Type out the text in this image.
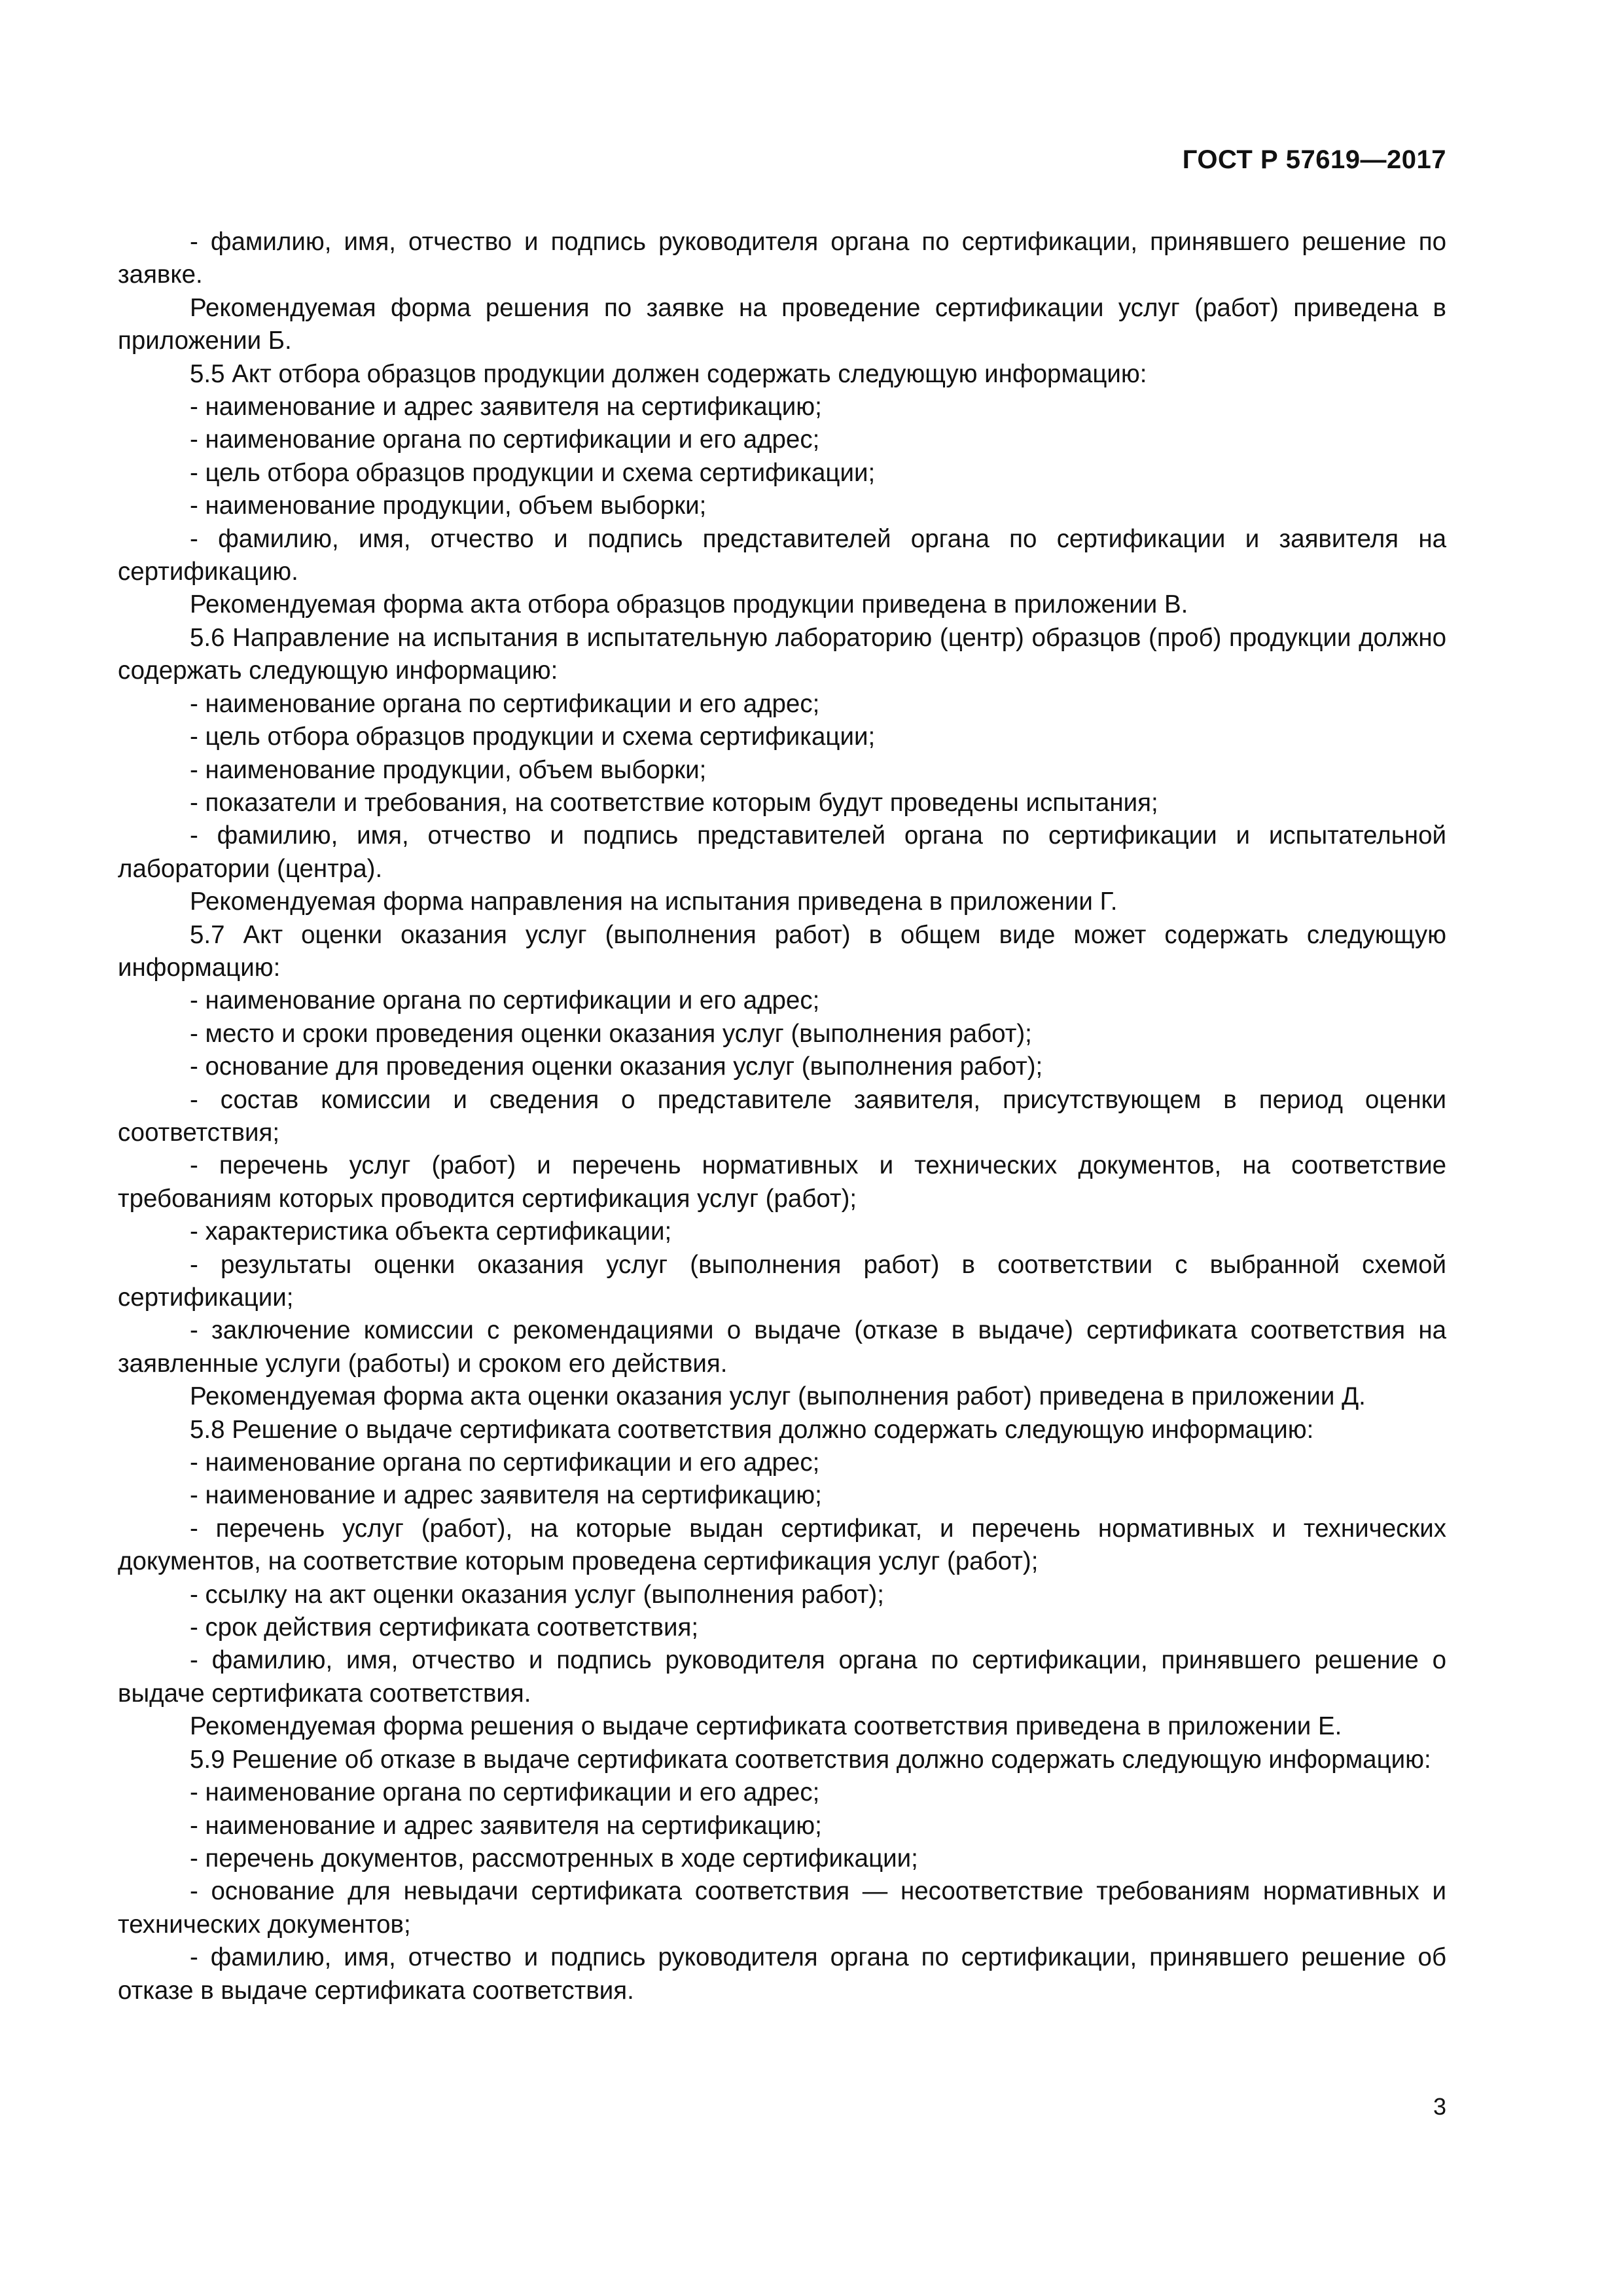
ГОСТ Р 57619—2017

- фамилию, имя, отчество и подпись руководителя органа по сертификации, принявшего решение по заявке.

Рекомендуемая форма решения по заявке на проведение сертификации услуг (работ) приведена в приложении Б.

5.5 Акт отбора образцов продукции должен содержать следующую информацию:

- наименование и адрес заявителя на сертификацию;

- наименование органа по сертификации и его адрес;

- цель отбора образцов продукции и схема сертификации;

- наименование продукции, объем выборки;

- фамилию, имя, отчество и подпись представителей органа по сертификации и заявителя на сертификацию.

Рекомендуемая форма акта отбора образцов продукции приведена в приложении В.

5.6 Направление на испытания в испытательную лабораторию (центр) образцов (проб) продукции должно содержать следующую информацию:

- наименование органа по сертификации и его адрес;

- цель отбора образцов продукции и схема сертификации;

- наименование продукции, объем выборки;

- показатели и требования, на соответствие которым будут проведены испытания;

- фамилию, имя, отчество и подпись представителей органа по сертификации и испытательной лаборатории (центра).

Рекомендуемая форма направления на испытания приведена в приложении Г.

5.7 Акт оценки оказания услуг (выполнения работ) в общем виде может содержать следующую информацию:

- наименование органа по сертификации и его адрес;

- место и сроки проведения оценки оказания услуг (выполнения работ);

- основание для проведения оценки оказания услуг (выполнения работ);

- состав комиссии и сведения о представителе заявителя, присутствующем в период оценки соответствия;

- перечень услуг (работ) и перечень нормативных и технических документов, на соответствие требованиям которых проводится сертификация услуг (работ);

- характеристика объекта сертификации;

- результаты оценки оказания услуг (выполнения работ) в соответствии с выбранной схемой сертификации;

- заключение комиссии с рекомендациями о выдаче (отказе в выдаче) сертификата соответствия на заявленные услуги (работы) и сроком его действия.

Рекомендуемая форма акта оценки оказания услуг (выполнения работ) приведена в приложении Д.

5.8 Решение о выдаче сертификата соответствия должно содержать следующую информацию:

- наименование органа по сертификации и его адрес;

- наименование и адрес заявителя на сертификацию;

- перечень услуг (работ), на которые выдан сертификат, и перечень нормативных и технических документов, на соответствие которым проведена сертификация услуг (работ);

- ссылку на акт оценки оказания услуг (выполнения работ);

- срок действия сертификата соответствия;

- фамилию, имя, отчество и подпись руководителя органа по сертификации, принявшего решение о выдаче сертификата соответствия.

Рекомендуемая форма решения о выдаче сертификата соответствия приведена в приложении Е.

5.9 Решение об отказе в выдаче сертификата соответствия должно содержать следующую информацию:

- наименование органа по сертификации и его адрес;

- наименование и адрес заявителя на сертификацию;

- перечень документов, рассмотренных в ходе сертификации;

- основание для невыдачи сертификата соответствия — несоответствие требованиям нормативных и технических документов;

- фамилию, имя, отчество и подпись руководителя органа по сертификации, принявшего решение об отказе в выдаче сертификата соответствия.

3
